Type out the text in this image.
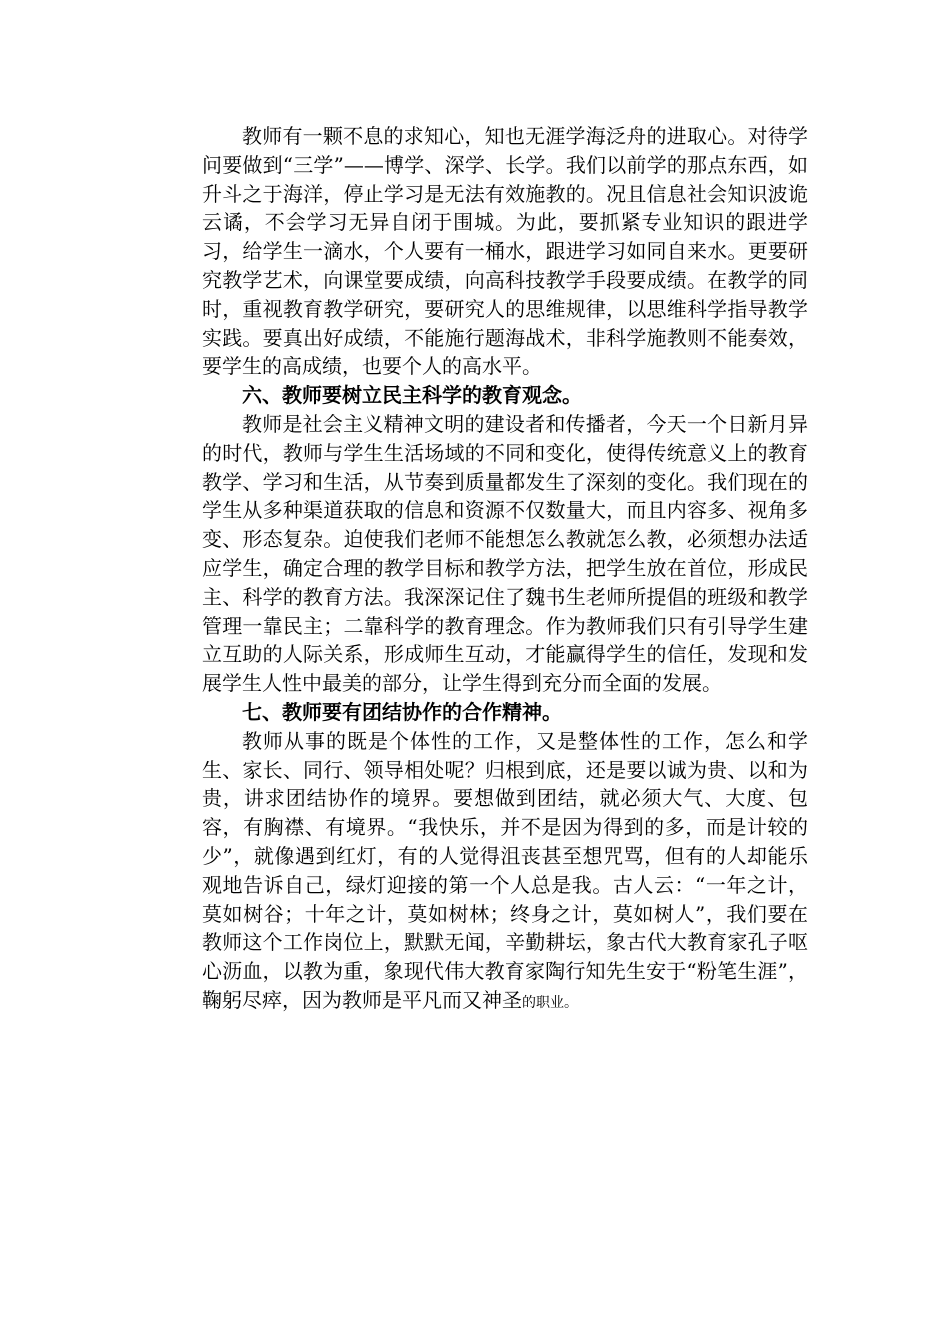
教师有一颗不息的求知心，知也无涯学海泛舟的进取心。对待学问要做到“三学”——博学、深学、长学。我们以前学的那点东西，如升斗之于海洋，停止学习是无法有效施教的。况且信息社会知识波诡云谲，不会学习无异自闭于围城。为此，要抓紧专业知识的跟进学习，给学生一滴水，个人要有一桶水，跟进学习如同自来水。更要研究教学艺术，向课堂要成绩，向高科技教学手段要成绩。在教学的同时，重视教育教学研究，要研究人的思维规律，以思维科学指导教学实践。要真出好成绩，不能施行题海战术，非科学施教则不能奏效，要学生的高成绩，也要个人的高水平。

六、教师要树立民主科学的教育观念。

教师是社会主义精神文明的建设者和传播者，今天一个日新月异的时代，教师与学生生活场域的不同和变化，使得传统意义上的教育教学、学习和生活，从节奏到质量都发生了深刻的变化。我们现在的学生从多种渠道获取的信息和资源不仅数量大，而且内容多、视角多变、形态复杂。迫使我们老师不能想怎么教就怎么教，必须想办法适应学生，确定合理的教学目标和教学方法，把学生放在首位，形成民主、科学的教育方法。我深深记住了魏书生老师所提倡的班级和教学管理一靠民主；二靠科学的教育理念。作为教师我们只有引导学生建立互助的人际关系，形成师生互动，才能赢得学生的信任，发现和发展学生人性中最美的部分，让学生得到充分而全面的发展。

七、教师要有团结协作的合作精神。

教师从事的既是个体性的工作，又是整体性的工作，怎么和学生、家长、同行、领导相处呢？归根到底，还是要以诚为贵、以和为贵，讲求团结协作的境界。要想做到团结，就必须大气、大度、包容，有胸襟、有境界。“我快乐，并不是因为得到的多，而是计较的少”，就像遇到红灯，有的人觉得沮丧甚至想咒骂，但有的人却能乐观地告诉自己，绿灯迎接的第一个人总是我。古人云：“一年之计，莫如树谷；十年之计，莫如树林；终身之计，莫如树人”，我们要在教师这个工作岗位上，默默无闻，辛勤耕坛，象古代大教育家孔子呕心沥血，以教为重，象现代伟大教育家陶行知先生安于“粉笔生涯”，鞠躬尽瘁，因为教师是平凡而又神圣的职业。
